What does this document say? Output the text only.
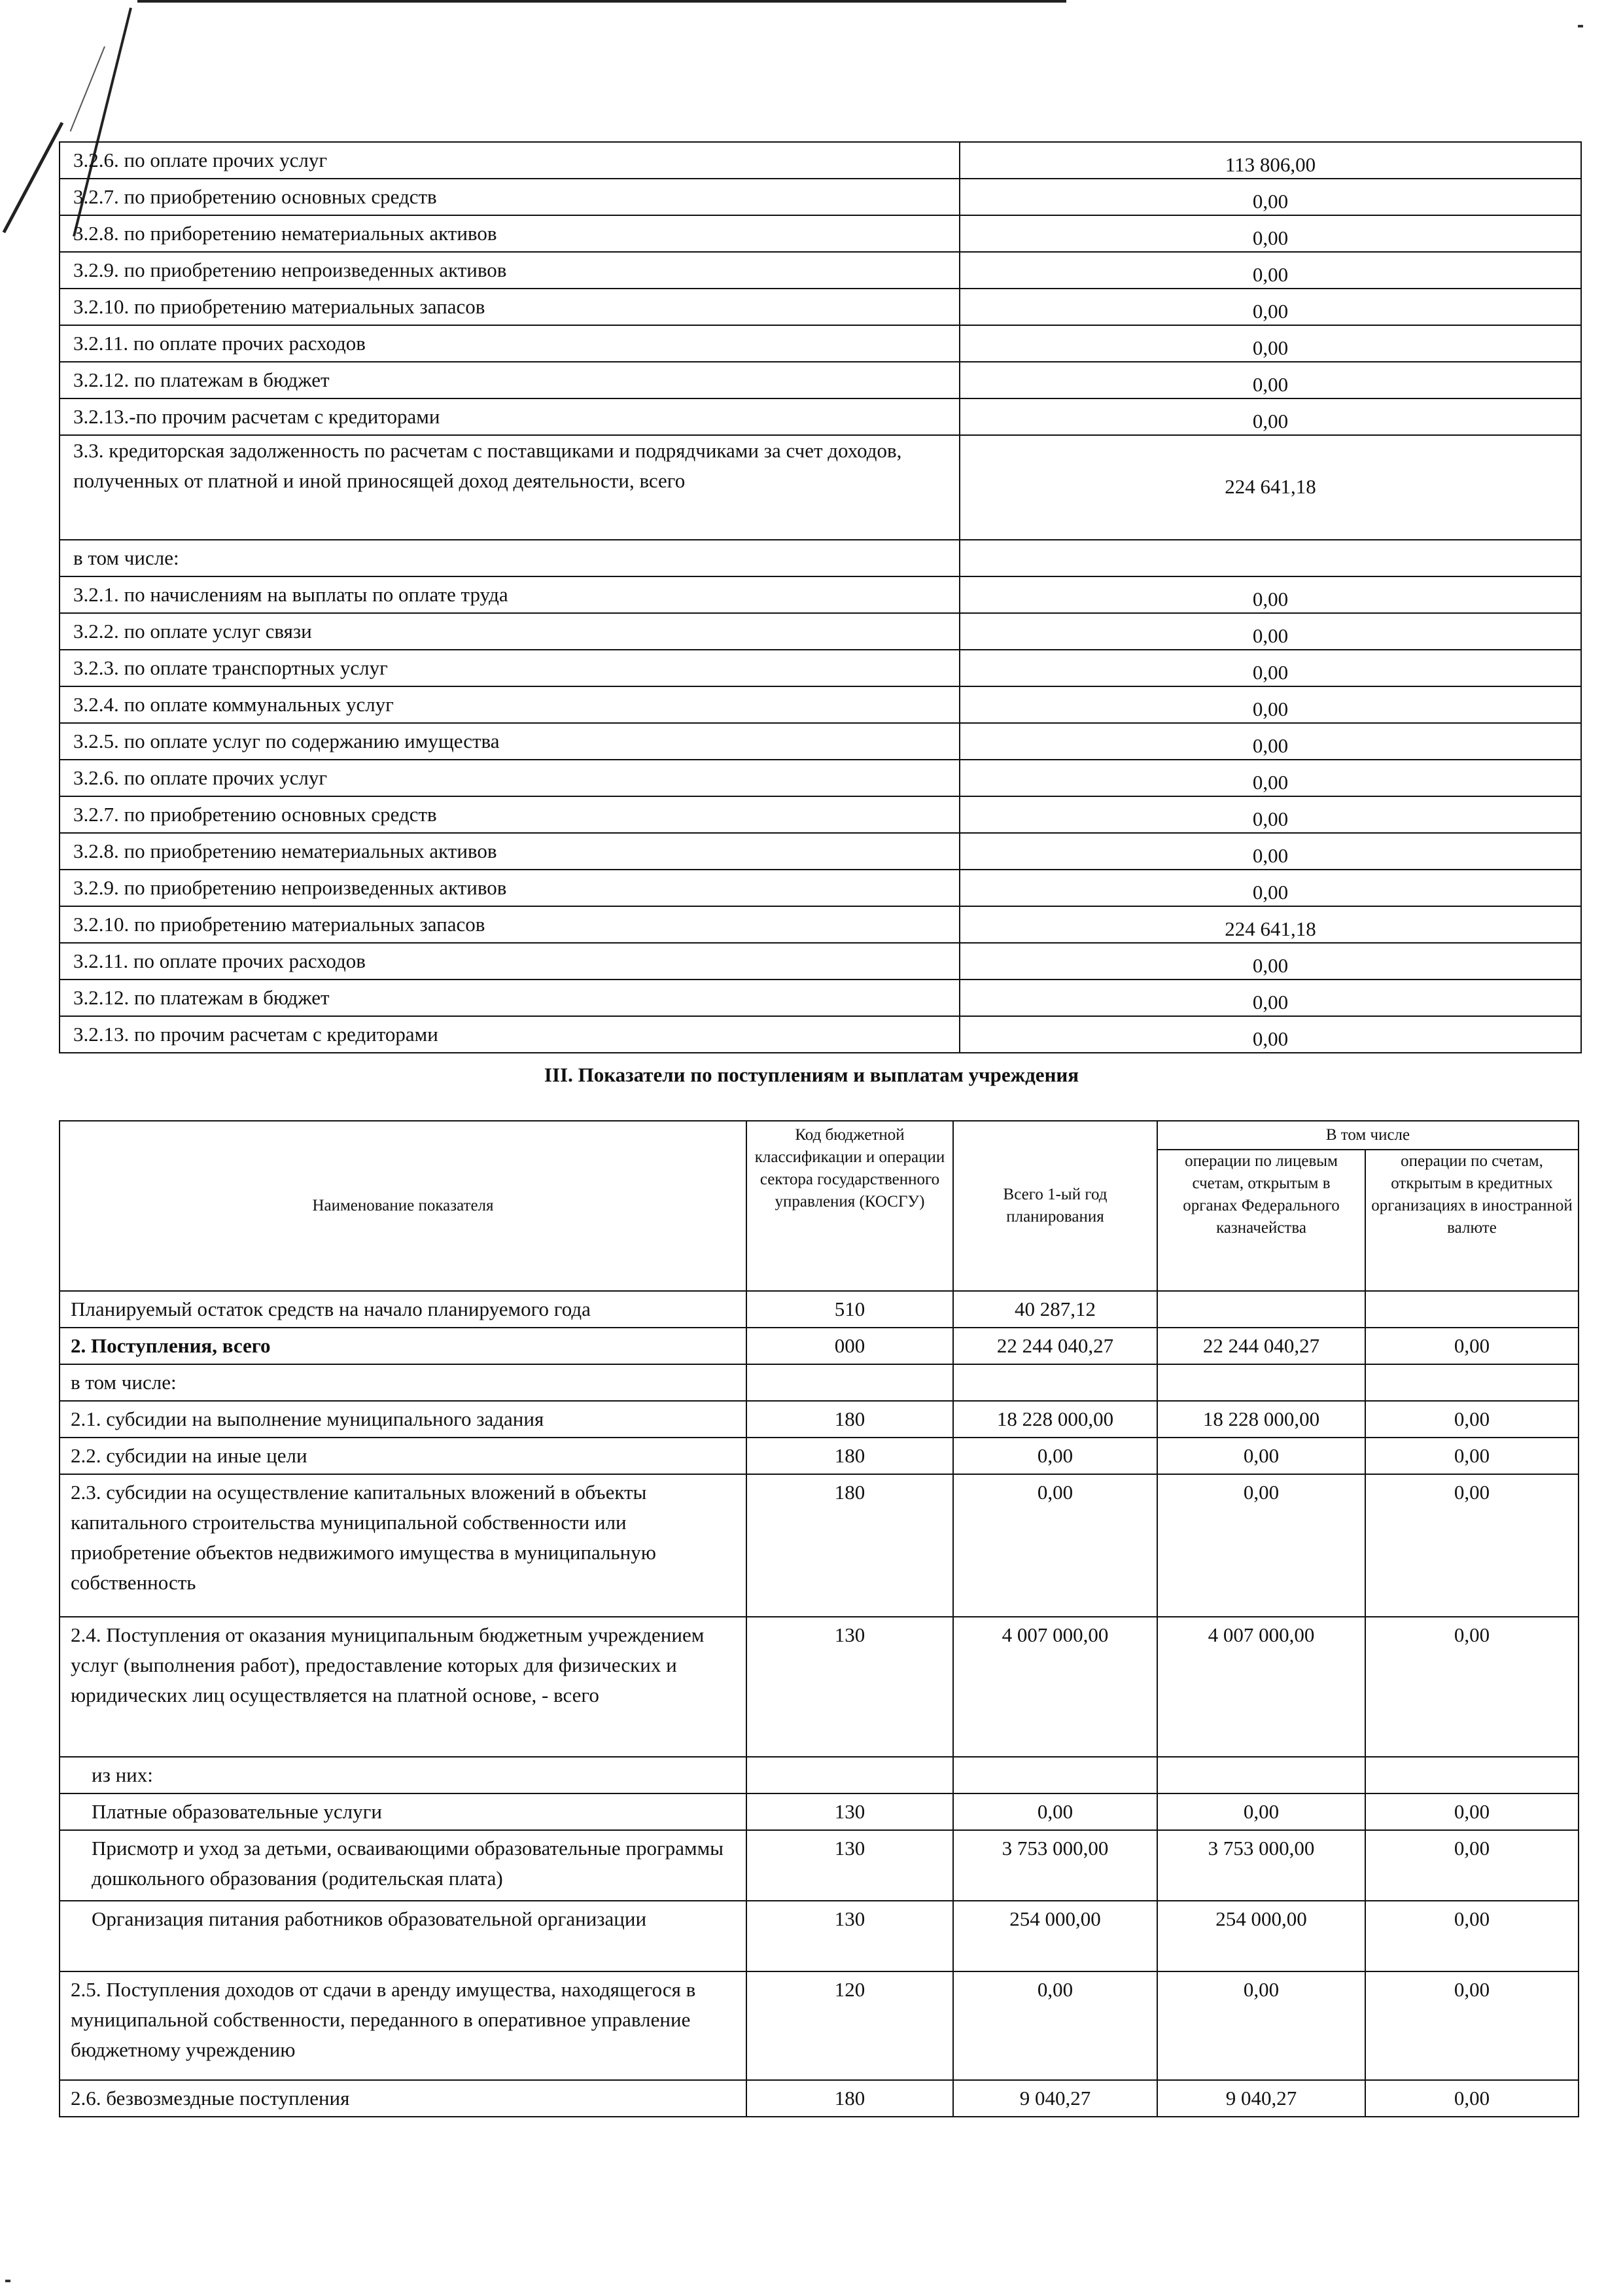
3.2.6. по оплате прочих услуг	113 806,00
3.2.7. по приобретению основных средств	0,00
3.2.8. по приборетению нематериальных активов	0,00
3.2.9. по приобретению непроизведенных активов	0,00
3.2.10. по приобретению материальных запасов	0,00
3.2.11. по оплате прочих расходов	0,00
3.2.12. по платежам в бюджет	0,00
3.2.13.-по прочим расчетам с кредиторами	0,00
3.3. кредиторская задолженность по расчетам с поставщиками и подрядчиками за счет доходов, полученных от платной и иной приносящей доход деятельности, всего	224 641,18
в том числе:	
3.2.1. по начислениям на выплаты по оплате труда	0,00
3.2.2. по оплате услуг связи	0,00
3.2.3. по оплате транспортных услуг	0,00
3.2.4. по оплате коммунальных услуг	0,00
3.2.5. по оплате услуг по содержанию имущества	0,00
3.2.6. по оплате прочих услуг	0,00
3.2.7. по приобретению основных средств	0,00
3.2.8. по приобретению нематериальных активов	0,00
3.2.9. по приобретению непроизведенных активов	0,00
3.2.10. по приобретению материальных запасов	224 641,18
3.2.11. по оплате прочих расходов	0,00
3.2.12. по платежам в бюджет	0,00
3.2.13. по прочим расчетам с кредиторами	0,00
III. Показатели по поступлениям и выплатам учреждения
Наименование показателя	Код бюджетной классификации и операции сектора государственного управления (КОСГУ)	Всего 1-ый год планирования	В том числе	
			операции по лицевым счетам, открытым в органах Федерального казначейства	операции по счетам, открытым в кредитных организациях в иностранной валюте
Планируемый остаток средств на начало планируемого года	510	40 287,12		
2. Поступления, всего	000	22 244 040,27	22 244 040,27	0,00
в том числе:				
2.1. субсидии на выполнение муниципального задания	180	18 228 000,00	18 228 000,00	0,00
2.2. субсидии на иные цели	180	0,00	0,00	0,00
2.3. субсидии на осуществление капитальных вложений в объекты капитального строительства муниципальной собственности или приобретение объектов недвижимого имущества в муниципальную собственность	180	0,00	0,00	0,00
2.4. Поступления от оказания муниципальным бюджетным учреждением услуг (выполнения работ), предоставление которых для физических и юридических лиц осуществляется на платной основе, - всего	130	4 007 000,00	4 007 000,00	0,00
из них:				
Платные образовательные услуги	130	0,00	0,00	0,00
Присмотр и уход за детьми, осваивающими образовательные программы дошкольного образования (родительская плата)	130	3 753 000,00	3 753 000,00	0,00
Организация питания работников образовательной организации	130	254 000,00	254 000,00	0,00
2.5. Поступления доходов от сдачи в аренду имущества, находящегося в муниципальной собственности, переданного в оперативное управление бюджетному учреждению	120	0,00	0,00	0,00
2.6. безвозмездные поступления	180	9 040,27	9 040,27	0,00
